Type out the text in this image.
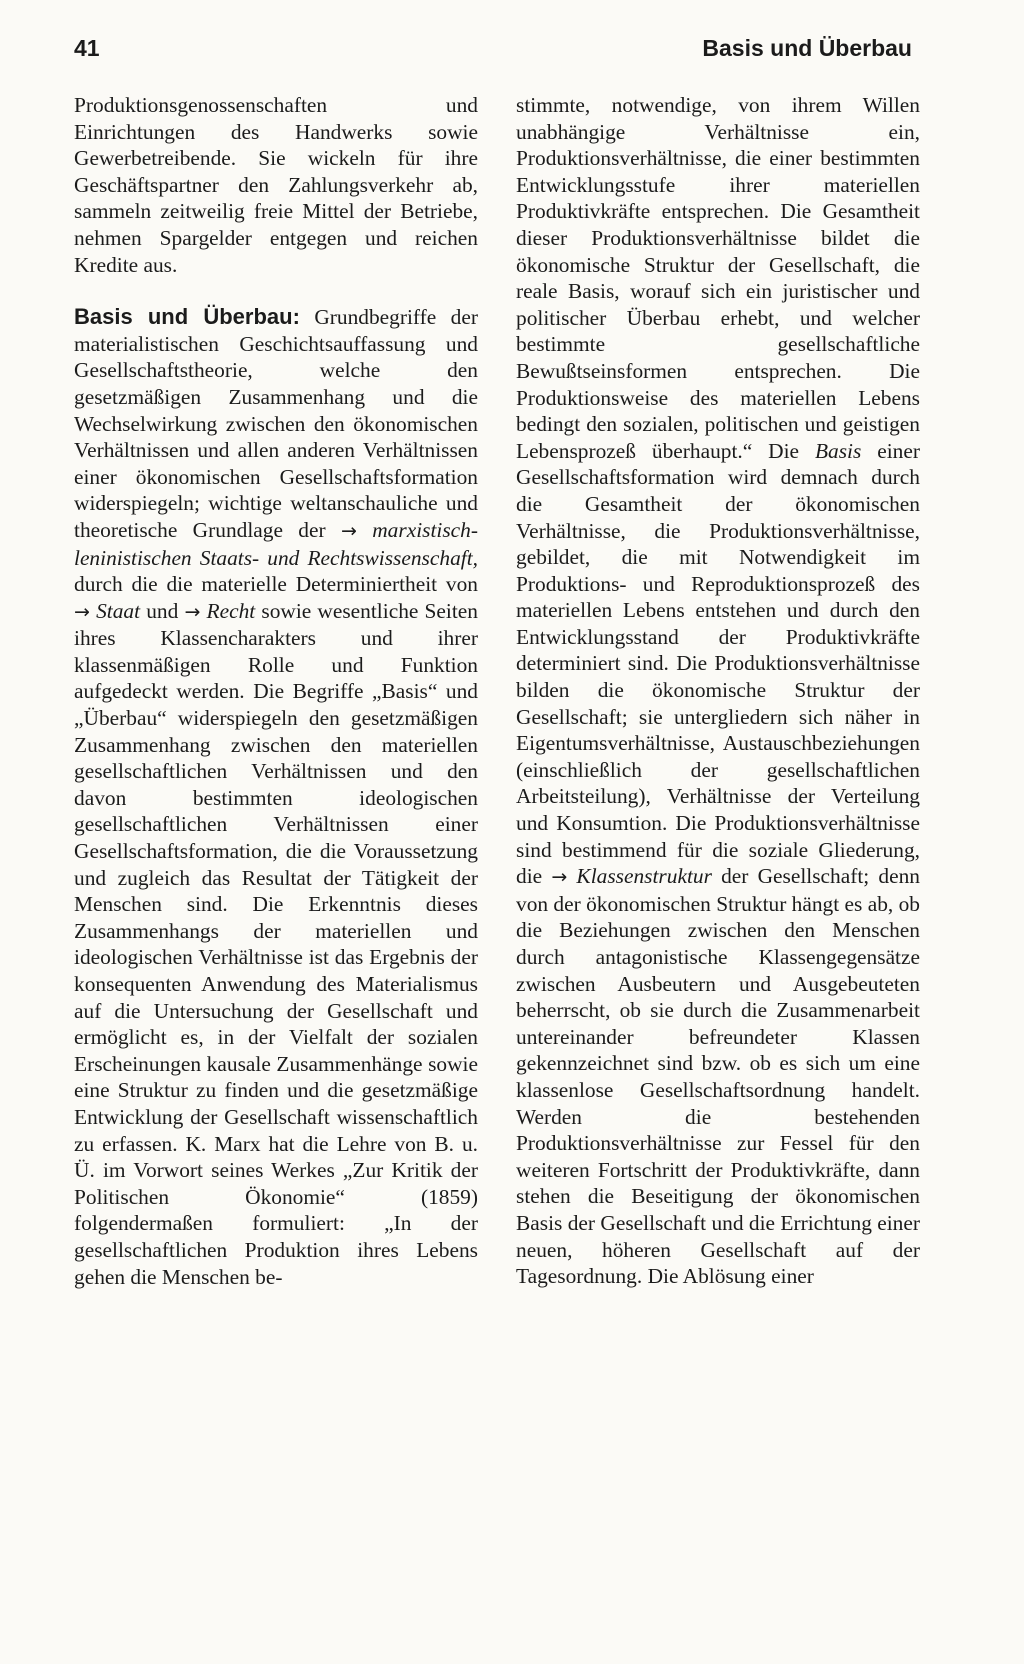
41	Basis und Überbau

Produktionsgenossenschaften und Einrichtungen des Handwerks sowie Gewerbetreibende. Sie wickeln für ihre Geschäftspartner den Zahlungsverkehr ab, sammeln zeitweilig freie Mittel der Betriebe, nehmen Spargelder entgegen und reichen Kredite aus.

Basis und Überbau: Grundbegriffe der materialistischen Geschichtsauffassung und Gesellschaftstheorie, welche den gesetzmäßigen Zusammenhang und die Wechselwirkung zwischen den ökonomischen Verhältnissen und allen anderen Verhältnissen einer ökonomischen Gesellschaftsformation widerspiegeln; wichtige weltanschauliche und theoretische Grundlage der → marxistisch-leninistischen Staats- und Rechtswissenschaft, durch die die materielle Determiniertheit von → Staat und → Recht sowie wesentliche Seiten ihres Klassencharakters und ihrer klassenmäßigen Rolle und Funktion aufgedeckt werden. Die Begriffe „Basis“ und „Überbau“ widerspiegeln den gesetzmäßigen Zusammenhang zwischen den materiellen gesellschaftlichen Verhältnissen und den davon bestimmten ideologischen gesellschaftlichen Verhältnissen einer Gesellschaftsformation, die die Voraussetzung und zugleich das Resultat der Tätigkeit der Menschen sind. Die Erkenntnis dieses Zusammenhangs der materiellen und ideologischen Verhältnisse ist das Ergebnis der konsequenten Anwendung des Materialismus auf die Untersuchung der Gesellschaft und ermöglicht es, in der Vielfalt der sozialen Erscheinungen kausale Zusammenhänge sowie eine Struktur zu finden und die gesetzmäßige Entwicklung der Gesellschaft wissenschaftlich zu erfassen. K. Marx hat die Lehre von B. u. Ü. im Vorwort seines Werkes „Zur Kritik der Politischen Ökonomie“ (1859) folgendermaßen formuliert: „In der gesellschaftlichen Produktion ihres Lebens gehen die Menschen be-

stimmte, notwendige, von ihrem Willen unabhängige Verhältnisse ein, Produktionsverhältnisse, die einer bestimmten Entwicklungsstufe ihrer materiellen Produktivkräfte entsprechen. Die Gesamtheit dieser Produktionsverhältnisse bildet die ökonomische Struktur der Gesellschaft, die reale Basis, worauf sich ein juristischer und politischer Überbau erhebt, und welcher bestimmte gesellschaftliche Bewußtseinsformen entsprechen. Die Produktionsweise des materiellen Lebens bedingt den sozialen, politischen und geistigen Lebensprozeß überhaupt.“ Die Basis einer Gesellschaftsformation wird demnach durch die Gesamtheit der ökonomischen Verhältnisse, die Produktionsverhältnisse, gebildet, die mit Notwendigkeit im Produktions- und Reproduktionsprozeß des materiellen Lebens entstehen und durch den Entwicklungsstand der Produktivkräfte determiniert sind. Die Produktionsverhältnisse bilden die ökonomische Struktur der Gesellschaft; sie untergliedern sich näher in Eigentumsverhältnisse, Austauschbeziehungen (einschließlich der gesellschaftlichen Arbeitsteilung), Verhältnisse der Verteilung und Konsumtion. Die Produktionsverhältnisse sind bestimmend für die soziale Gliederung, die → Klassenstruktur der Gesellschaft; denn von der ökonomischen Struktur hängt es ab, ob die Beziehungen zwischen den Menschen durch antagonistische Klassengegensätze zwischen Ausbeutern und Ausgebeuteten beherrscht, ob sie durch die Zusammenarbeit untereinander befreundeter Klassen gekennzeichnet sind bzw. ob es sich um eine klassenlose Gesellschaftsordnung handelt. Werden die bestehenden Produktionsverhältnisse zur Fessel für den weiteren Fortschritt der Produktivkräfte, dann stehen die Beseitigung der ökonomischen Basis der Gesellschaft und die Errichtung einer neuen, höheren Gesellschaft auf der Tagesordnung. Die Ablösung einer
